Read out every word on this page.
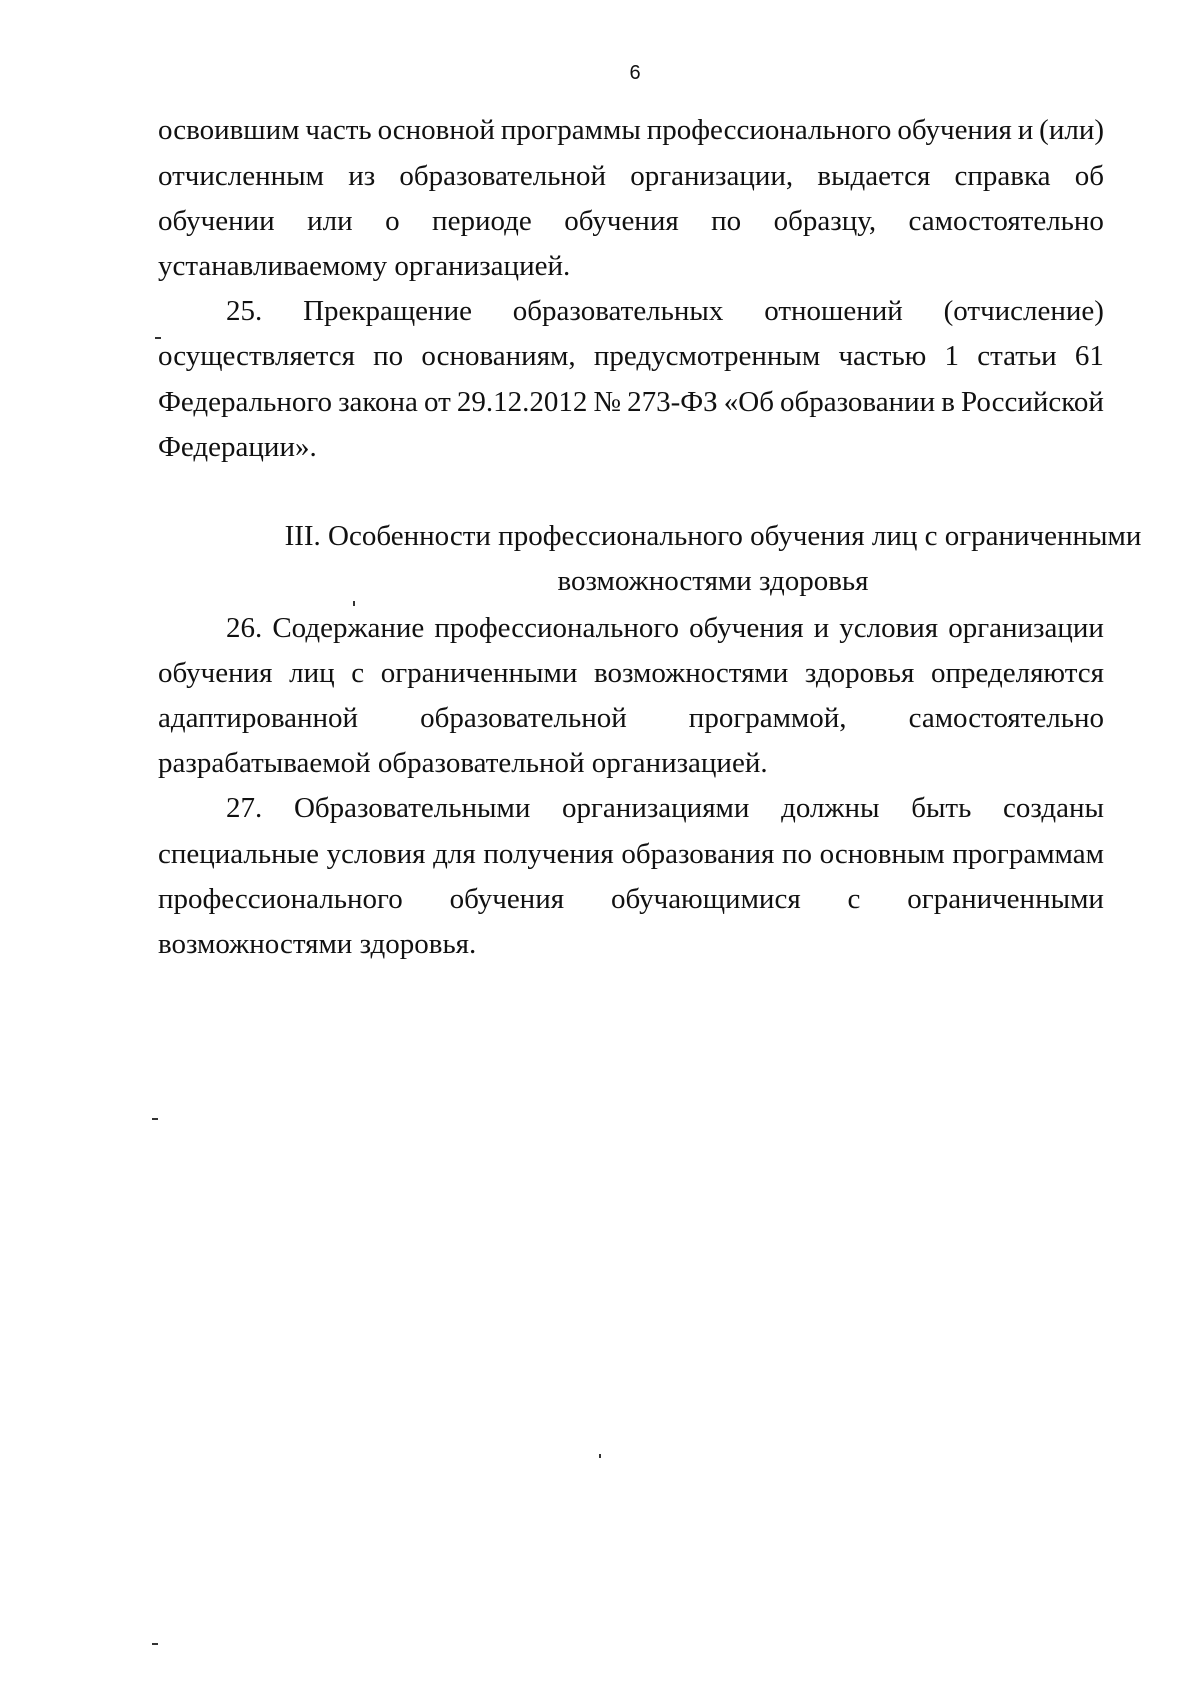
6
освоившим часть основной программы профессионального обучения и (или)
отчисленным из образовательной организации, выдается справка об
обучении или о периоде обучения по образцу, самостоятельно
устанавливаемому организацией.
25. Прекращение образовательных отношений (отчисление)
осуществляется по основаниям, предусмотренным частью 1 статьи 61
Федерального закона от 29.12.2012 № 273-ФЗ «Об образовании в Российской
Федерации».
III. Особенности профессионального обучения лиц с ограниченными
возможностями здоровья
26. Содержание профессионального обучения и условия организации
обучения лиц с ограниченными возможностями здоровья определяются
адаптированной образовательной программой, самостоятельно
разрабатываемой образовательной организацией.
27. Образовательными организациями должны быть созданы
специальные условия для получения образования по основным программам
профессионального обучения обучающимися с ограниченными
возможностями здоровья.
